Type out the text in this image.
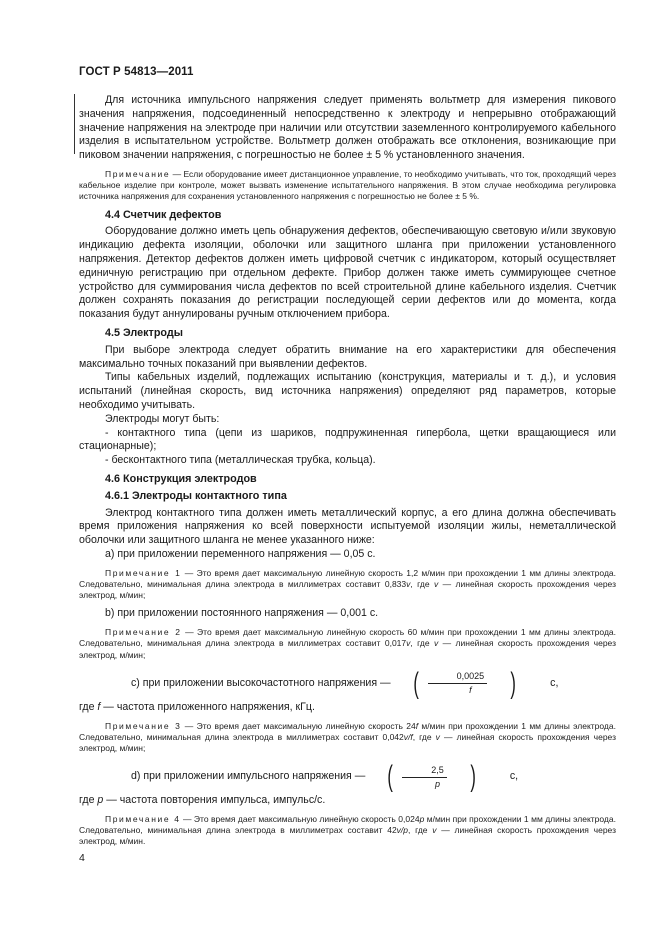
ГОСТ Р 54813—2011

Для источника импульсного напряжения следует применять вольтметр для измерения пикового значения напряжения, подсоединенный непосредственно к электроду и непрерывно отображающий значение напряжения на электроде при наличии или отсутствии заземленного контролируемого кабельного изделия в испытательном устройстве. Вольтметр должен отображать все отклонения, возникающие при пиковом значении напряжения, с погрешностью не более ± 5 % установленного значения.

Примечание — Если оборудование имеет дистанционное управление, то необходимо учитывать, что ток, проходящий через кабельное изделие при контроле, может вызвать изменение испытательного напряжения. В этом случае необходима регулировка источника напряжения для сохранения установленного напряжения с погрешностью не более ± 5 %.

4.4 Счетчик дефектов

Оборудование должно иметь цепь обнаружения дефектов, обеспечивающую световую и/или звуковую индикацию дефекта изоляции, оболочки или защитного шланга при приложении установленного напряжения. Детектор дефектов должен иметь цифровой счетчик с индикатором, который осуществляет единичную регистрацию при отдельном дефекте. Прибор должен также иметь суммирующее счетное устройство для суммирования числа дефектов по всей строительной длине кабельного изделия. Счетчик должен сохранять показания до регистрации последующей серии дефектов или до момента, когда показания будут аннулированы ручным отключением прибора.

4.5 Электроды

При выборе электрода следует обратить внимание на его характеристики для обеспечения максимально точных показаний при выявлении дефектов.

Типы кабельных изделий, подлежащих испытанию (конструкция, материалы и т. д.), и условия испытаний (линейная скорость, вид источника напряжения) определяют ряд параметров, которые необходимо учитывать.

Электроды могут быть:

- контактного типа (цепи из шариков, подпружиненная гипербола, щетки вращающиеся или стационарные);

- бесконтактного типа (металлическая трубка, кольца).

4.6 Конструкция электродов
4.6.1 Электроды контактного типа

Электрод контактного типа должен иметь металлический корпус, а его длина должна обеспечивать время приложения напряжения ко всей поверхности испытуемой изоляции жилы, неметаллической оболочки или защитного шланга не менее указанного ниже:

a) при приложении переменного напряжения — 0,05 с.

Примечание 1 — Это время дает максимальную линейную скорость 1,2 м/мин при прохождении 1 мм длины электрода. Следовательно, минимальная длина электрода в миллиметрах составит 0,833v, где v — линейная скорость прохождения через электрод, м/мин;

b) при приложении постоянного напряжения — 0,001 с.

Примечание 2 — Это время дает максимальную линейную скорость 60 м/мин при прохождении 1 мм длины электрода. Следовательно, минимальная длина электрода в миллиметрах составит 0,017v, где v — линейная скорость прохождения через электрод, м/мин;

c) при приложении высокочастотного напряжения — ( $\frac{0,0025}{f}$ )	с,

где f — частота приложенного напряжения, кГц.

Примечание 3 — Это время дает максимальную линейную скорость 24f м/мин при прохождении 1 мм длины электрода. Следовательно, минимальная длина электрода в миллиметрах составит 0,042v/f, где v — линейная скорость прохождения через электрод, м/мин;

d) при приложении импульсного напряжения — ( $\frac{2,5}{p}$ )	с,

где p — частота повторения импульса, импульс/с.

Примечание 4 — Это время дает максимальную линейную скорость 0,024p м/мин при прохождении 1 мм длины электрода. Следовательно, минимальная длина электрода в миллиметрах составит 42v/p, где v — линейная скорость прохождения через электрод, м/мин.

4
